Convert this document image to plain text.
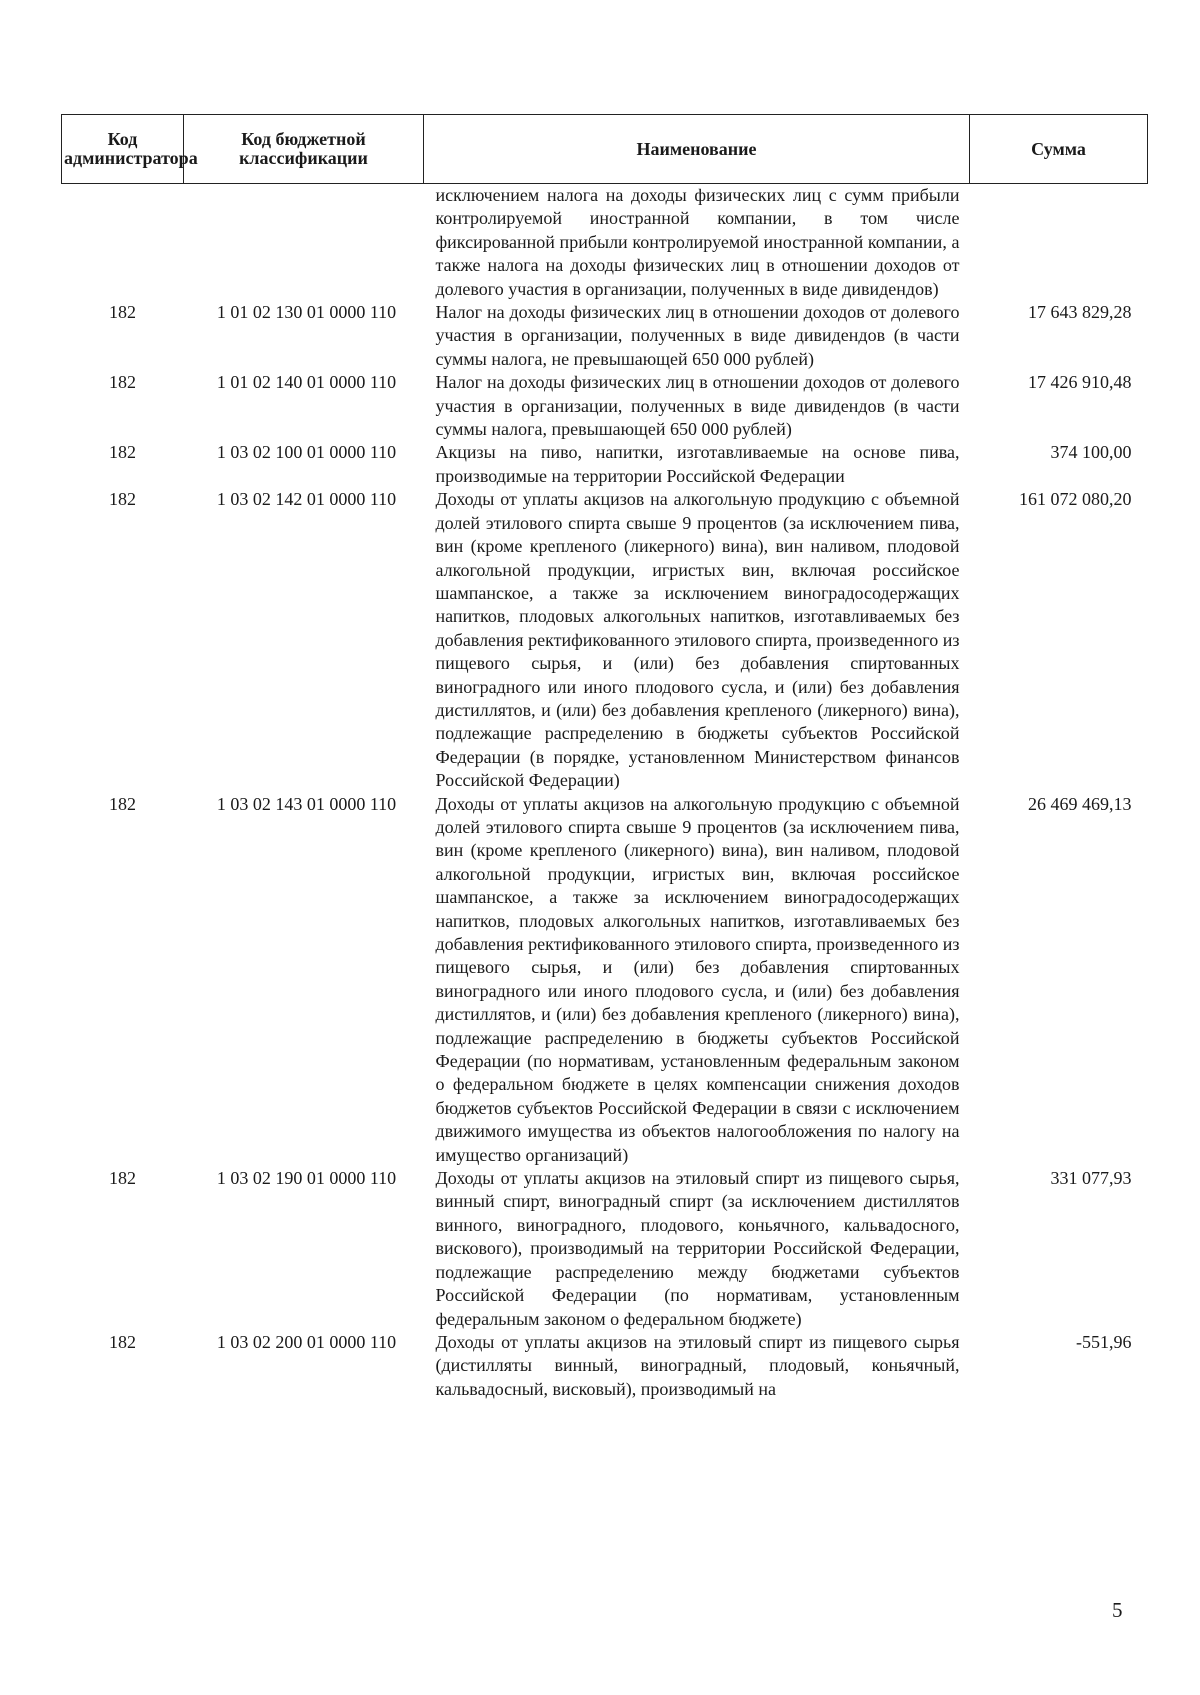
Код администратора	Код бюджетной классификации	Наименование	Сумма
		исключением налога на доходы физических лиц с сумм прибыли контролируемой иностранной компании, в том числе фиксированной прибыли контролируемой иностранной компании, а также налога на доходы физических лиц в отношении доходов от долевого участия в организации, полученных в виде дивидендов)	
182	1 01 02 130 01 0000 110	Налог на доходы физических лиц в отношении доходов от долевого участия в организации, полученных в виде дивидендов (в части суммы налога, не превышающей 650 000 рублей)	17 643 829,28
182	1 01 02 140 01 0000 110	Налог на доходы физических лиц в отношении доходов от долевого участия в организации, полученных в виде дивидендов (в части суммы налога, превышающей 650 000 рублей)	17 426 910,48
182	1 03 02 100 01 0000 110	Акцизы на пиво, напитки, изготавливаемые на основе пива, производимые на территории Российской Федерации	374 100,00
182	1 03 02 142 01 0000 110	Доходы от уплаты акцизов на алкогольную продукцию с объемной долей этилового спирта свыше 9 процентов (за исключением пива, вин (кроме крепленого (ликерного) вина), вин наливом, плодовой алкогольной продукции, игристых вин, включая российское шампанское, а также за исключением виноградосодержащих напитков, плодовых алкогольных напитков, изготавливаемых без добавления ректификованного этилового спирта, произведенного из пищевого сырья, и (или) без добавления спиртованных виноградного или иного плодового сусла, и (или) без добавления дистиллятов, и (или) без добавления крепленого (ликерного) вина), подлежащие распределению в бюджеты субъектов Российской Федерации (в порядке, установленном Министерством финансов Российской Федерации)	161 072 080,20
182	1 03 02 143 01 0000 110	Доходы от уплаты акцизов на алкогольную продукцию с объемной долей этилового спирта свыше 9 процентов (за исключением пива, вин (кроме крепленого (ликерного) вина), вин наливом, плодовой алкогольной продукции, игристых вин, включая российское шампанское, а также за исключением виноградосодержащих напитков, плодовых алкогольных напитков, изготавливаемых без добавления ректификованного этилового спирта, произведенного из пищевого сырья, и (или) без добавления спиртованных виноградного или иного плодового сусла, и (или) без добавления дистиллятов, и (или) без добавления крепленого (ликерного) вина), подлежащие распределению в бюджеты субъектов Российской Федерации (по нормативам, установленным федеральным законом о федеральном бюджете в целях компенсации снижения доходов бюджетов субъектов Российской Федерации в связи с исключением движимого имущества из объектов налогообложения по налогу на имущество организаций)	26 469 469,13
182	1 03 02 190 01 0000 110	Доходы от уплаты акцизов на этиловый спирт из пищевого сырья, винный спирт, виноградный спирт (за исключением дистиллятов винного, виноградного, плодового, коньячного, кальвадосного, вискового), производимый на территории Российской Федерации, подлежащие распределению между бюджетами субъектов Российской Федерации (по нормативам, установленным федеральным законом о федеральном бюджете)	331 077,93
182	1 03 02 200 01 0000 110	Доходы от уплаты акцизов на этиловый спирт из пищевого сырья (дистилляты винный, виноградный, плодовый, коньячный, кальвадосный, висковый), производимый на	-551,96
5
